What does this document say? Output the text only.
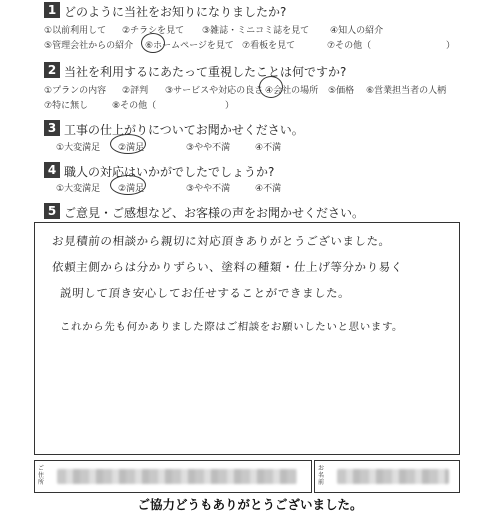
1 どのように当社をお知りになりましたか?
①以前利用して ②チラシを見て ③雑誌・ミニコミ誌を見て ④知人の紹介
⑤管理会社からの紹介 ⑥ホームページを見て ⑦看板を見て	⑦その他（	）
2 当社を利用するにあたって重視したことは何ですか?
①プランの内容 ②評判 ③サービスや対応の良さ ④会社の場所 ⑤価格 ⑥営業担当者の人柄
⑦特に無し	⑧その他（	）
3 工事の仕上がりについてお聞かせください。
①大変満足 ②満足	③やや不満	④不満
4 職人の対応はいかがでしたでしょうか?
①大変満足 ②満足	③やや不満	④不満
5 ご意見・ご感想など、お客様の声をお聞かせください。
お見積前の相談から親切に対応頂きありがとうございました。
依頼主側からは分かりずらい、塗料の種類・仕上げ等分かり易く
説明して頂き安心してお任せすることができました。
これから先も何かありました際はご相談をお願いしたいと思います。
ご住所
お名前
ご協力どうもありがとうございました。
